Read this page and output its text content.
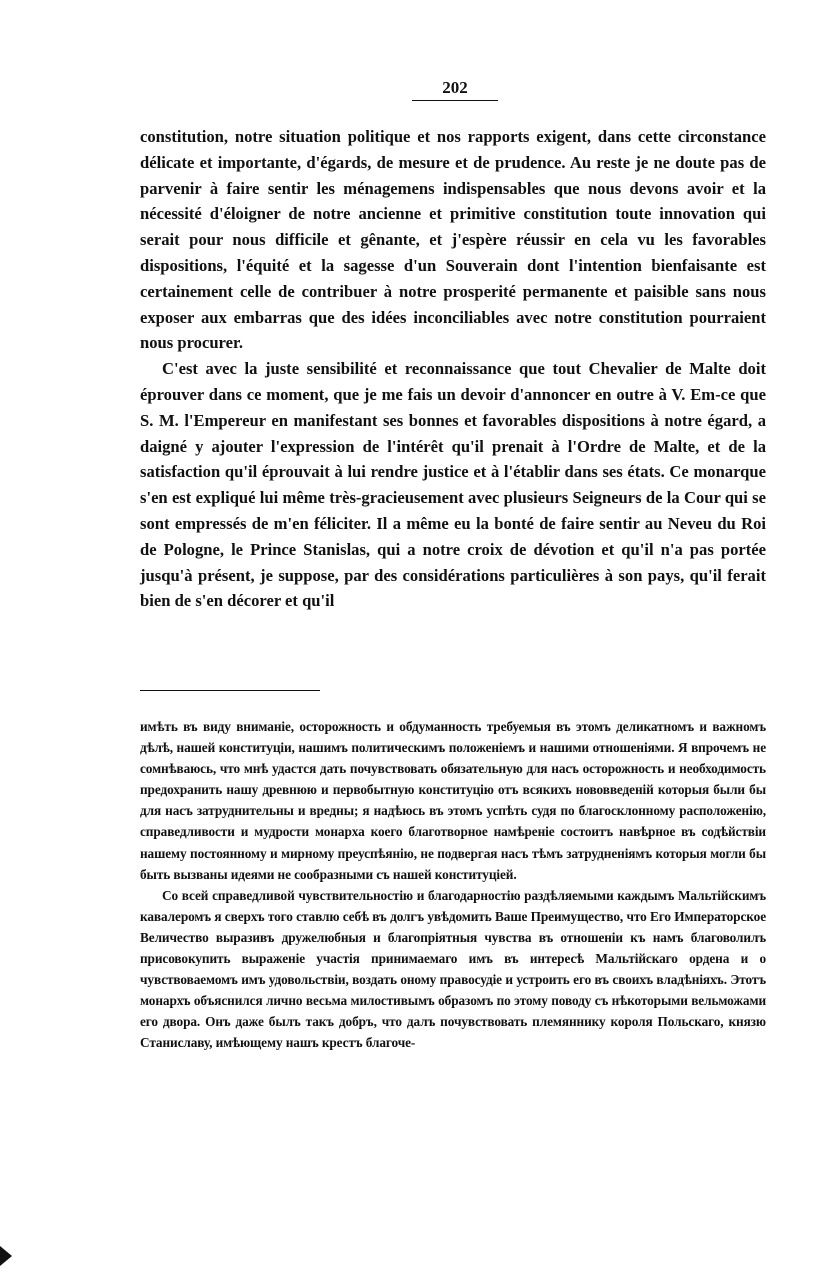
202

constitution, notre situation politique et nos rapports exigent, dans cette circonstance délicate et importante, d'égards, de mesure et de prudence. Au reste je ne doute pas de parvenir à faire sentir les ménagemens indispensables que nous devons avoir et la nécessité d'éloigner de notre ancienne et primitive constitution toute innovation qui serait pour nous difficile et gênante, et j'espère réussir en cela vu les favorables dispositions, l'équité et la sagesse d'un Souverain dont l'intention bienfaisante est certainement celle de contribuer à notre prosperité permanente et paisible sans nous exposer aux embarras que des idées inconciliables avec notre constitution pourraient nous procurer.

C'est avec la juste sensibilité et reconnaissance que tout Chevalier de Malte doit éprouver dans ce moment, que je me fais un devoir d'annoncer en outre à V. Em-ce que S. M. l'Empereur en manifestant ses bonnes et favorables dispositions à notre égard, a daigné y ajouter l'expression de l'intérêt qu'il prenait à l'Ordre de Malte, et de la satisfaction qu'il éprouvait à lui rendre justice et à l'établir dans ses états. Ce monarque s'en est expliqué lui même très-gracieusement avec plusieurs Seigneurs de la Cour qui se sont empressés de m'en féliciter. Il a même eu la bonté de faire sentir au Neveu du Roi de Pologne, le Prince Stanislas, qui a notre croix de dévotion et qu'il n'a pas portée jusqu'à présent, je suppose, par des considérations particulières à son pays, qu'il ferait bien de s'en décorer et qu'il

имѣть въ виду вниманіе, осторожность и обдуманность требуемыя въ этомъ деликатномъ и важномъ дѣлѣ, нашей конституціи, нашимъ политическимъ положеніемъ и нашими отношеніями. Я впрочемъ не сомнѣваюсь, что мнѣ удастся дать почувствовать обязательную для насъ осторожность и необходимость предохранить нашу древнюю и первобытную конституцію отъ всякихъ нововведеній которыя были бы для насъ затруднительны и вредны; я надѣюсь въ этомъ успѣть судя по благосклонному расположенію, справедливости и мудрости монарха коего благотворное намѣреніе состоитъ навѣрное въ содѣйствіи нашему постоянному и мирному преуспѣянію, не подвергая насъ тѣмъ затрудненіямъ которыя могли бы быть вызваны идеями не сообразными съ нашей конституціей.

Со всей справедливой чувствительностію и благодарностію раздѣляемыми каждымъ Мальтійскимъ кавалеромъ я сверхъ того ставлю себѣ въ долгъ увѣдомить Ваше Преимущество, что Его Императорское Величество выразивъ дружелюбныя и благопріятныя чувства въ отношеніи къ намъ благоволилъ присовокупить выраженіе участія принимаемаго имъ въ интересѣ Мальтійскаго ордена и о чувствоваемомъ имъ удовольствіи, воздать оному правосудіе и устроить его въ своихъ владѣніяхъ. Этотъ монархъ объяснился лично весьма милостивымъ образомъ по этому поводу съ нѣкоторыми вельможами его двора. Онъ даже былъ такъ добръ, что далъ почувствовать племяннику короля Польскаго, князю Станиславу, имѣющему нашъ крестъ благоче-
